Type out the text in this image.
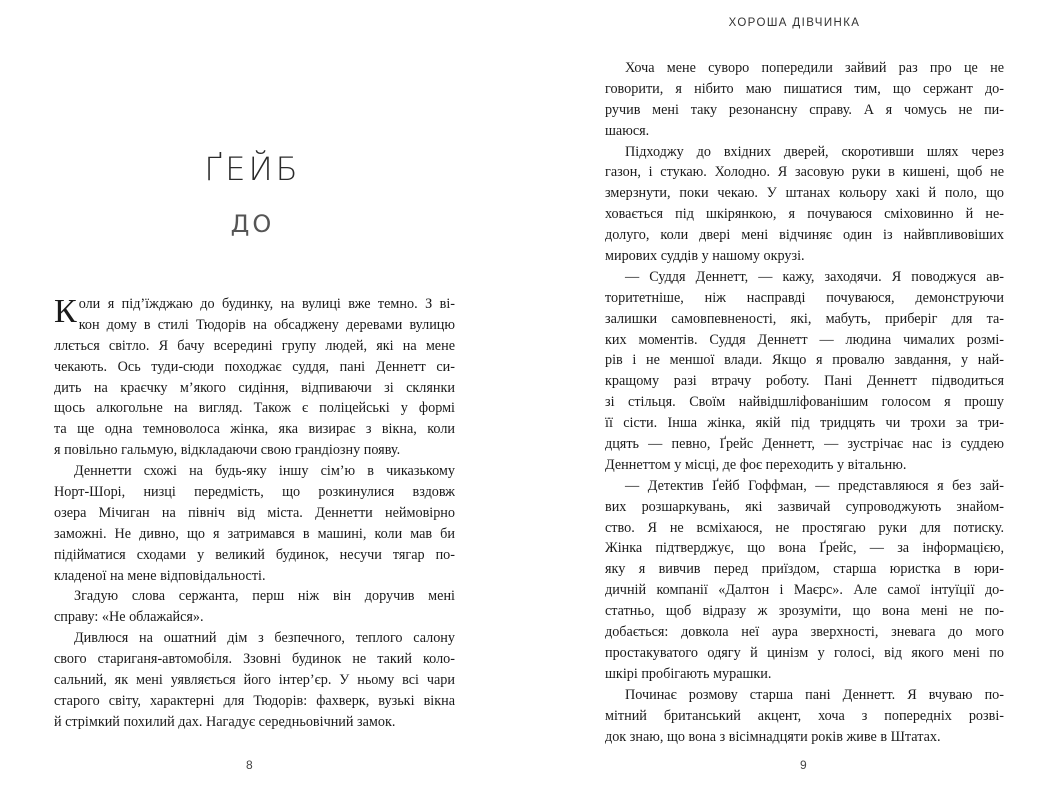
ҐЕЙБ
ДО
Коли я під’їжджаю до будинку, на вулиці вже темно. З ві-
кон дому в стилі Тюдорів на обсаджену деревами вулицю
ллється світло. Я бачу всередині групу людей, які на мене
чекають. Ось туди-сюди походжає суддя, пані Деннетт си-
дить на краєчку м’якого сидіння, відпиваючи зі склянки
щось алкогольне на вигляд. Також є поліцейські у формі
та ще одна темноволоса жінка, яка визирає з вікна, коли
я повільно гальмую, відкладаючи свою грандіозну появу.
Деннетти схожі на будь-яку іншу сім’ю в чиказькому
Норт-Шорі, низці передмість, що розкинулися вздовж
озера Мічиган на північ від міста. Деннетти неймовірно
заможні. Не дивно, що я затримався в машині, коли мав би
підійматися сходами у великий будинок, несучи тягар по-
кладеної на мене відповідальності.
Згадую слова сержанта, перш ніж він доручив мені
справу: «Не облажайся».
Дивлюся на ошатний дім з безпечного, теплого салону
свого стариганя-автомобіля. Ззовні будинок не такий коло-
сальний, як мені уявляється його інтер’єр. У ньому всі чари
старого світу, характерні для Тюдорів: фахверк, вузькі вікна
й стрімкий похилий дах. Нагадує середньовічний замок.
8
ХОРОША ДІВЧИНКА
Хоча мене суворо попередили зайвий раз про це не
говорити, я нібито маю пишатися тим, що сержант до-
ручив мені таку резонансну справу. А я чомусь не пи-
шаюся.
Підходжу до вхідних дверей, скоротивши шлях через
газон, і стукаю. Холодно. Я засовую руки в кишені, щоб не
змерзнути, поки чекаю. У штанах кольору хакі й поло, що
ховається під шкірянкою, я почуваюся сміховинно й не-
долуго, коли двері мені відчиняє один із найвпливовіших
мирових суддів у нашому окрузі.
— Суддя Деннетт, — кажу, заходячи. Я поводжуся ав-
торитетніше, ніж насправді почуваюся, демонструючи
залишки самовпевненості, які, мабуть, приберіг для та-
ких моментів. Суддя Деннетт — людина чималих розмі-
рів і не меншої влади. Якщо я провалю завдання, у най-
кращому разі втрачу роботу. Пані Деннетт підводиться
зі стільця. Своїм найвідшліфованішим голосом я прошу
її сісти. Інша жінка, якій під тридцять чи трохи за три-
дцять — певно, Ґрейс Деннетт, — зустрічає нас із суддею
Деннеттом у місці, де фоє переходить у вітальню.
— Детектив Ґейб Гоффман, — представляюся я без зай-
вих розшаркувань, які зазвичай супроводжують знайом-
ство. Я не всміхаюся, не простягаю руки для потиску.
Жінка підтверджує, що вона Ґрейс, — за інформацією,
яку я вивчив перед приїздом, старша юристка в юри-
дичній компанії «Далтон і Маєрс». Але самої інтуїції до-
статньо, щоб відразу ж зрозуміти, що вона мені не по-
добається: довкола неї аура зверхності, зневага до мого
простакуватого одягу й цинізм у голосі, від якого мені по
шкірі пробігають мурашки.
Починає розмову старша пані Деннетт. Я вчуваю по-
мітний британський акцент, хоча з попередніх розві-
док знаю, що вона з вісімнадцяти років живе в Штатах.
9
